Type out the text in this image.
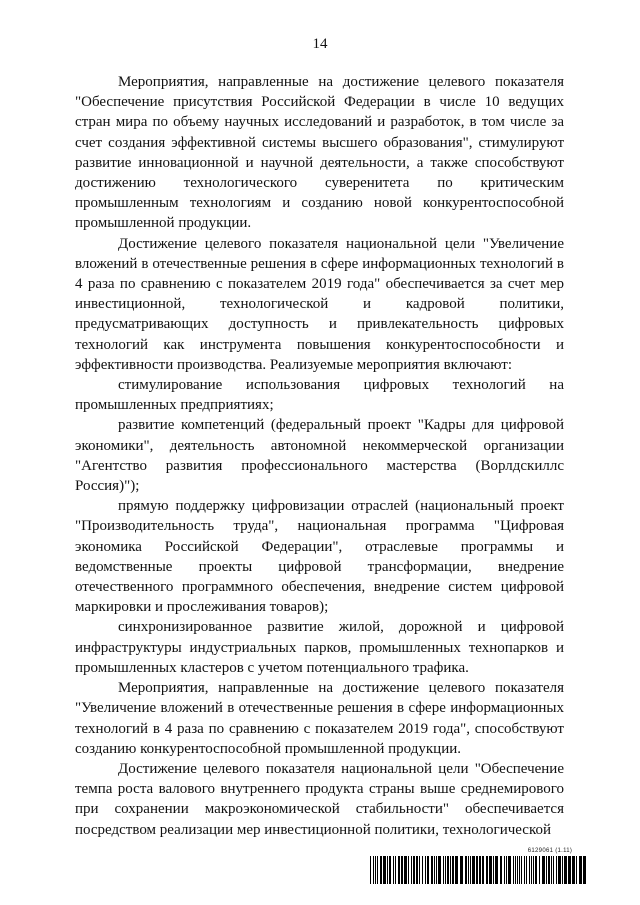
14

Мероприятия, направленные на достижение целевого показателя "Обеспечение присутствия Российской Федерации в числе 10 ведущих стран мира по объему научных исследований и разработок, в том числе за счет создания эффективной системы высшего образования", стимулируют развитие инновационной и научной деятельности, а также способствуют достижению технологического суверенитета по критическим промышленным технологиям и созданию новой конкурентоспособной промышленной продукции.

Достижение целевого показателя национальной цели "Увеличение вложений в отечественные решения в сфере информационных технологий в 4 раза по сравнению с показателем 2019 года" обеспечивается за счет мер инвестиционной, технологической и кадровой политики, предусматривающих доступность и привлекательность цифровых технологий как инструмента повышения конкурентоспособности и эффективности производства. Реализуемые мероприятия включают:

стимулирование использования цифровых технологий на промышленных предприятиях;

развитие компетенций (федеральный проект "Кадры для цифровой экономики", деятельность автономной некоммерческой организации "Агентство развития профессионального мастерства (Ворлдскиллс Россия)");

прямую поддержку цифровизации отраслей (национальный проект "Производительность труда", национальная программа "Цифровая экономика Российской Федерации", отраслевые программы и ведомственные проекты цифровой трансформации, внедрение отечественного программного обеспечения, внедрение систем цифровой маркировки и прослеживания товаров);

синхронизированное развитие жилой, дорожной и цифровой инфраструктуры индустриальных парков, промышленных технопарков и промышленных кластеров с учетом потенциального трафика.

Мероприятия, направленные на достижение целевого показателя "Увеличение вложений в отечественные решения в сфере информационных технологий в 4 раза по сравнению с показателем 2019 года", способствуют созданию конкурентоспособной промышленной продукции.

Достижение целевого показателя национальной цели "Обеспечение темпа роста валового внутреннего продукта страны выше среднемирового при сохранении макроэкономической стабильности" обеспечивается посредством реализации мер инвестиционной политики, технологической

6129061 (1.11)
